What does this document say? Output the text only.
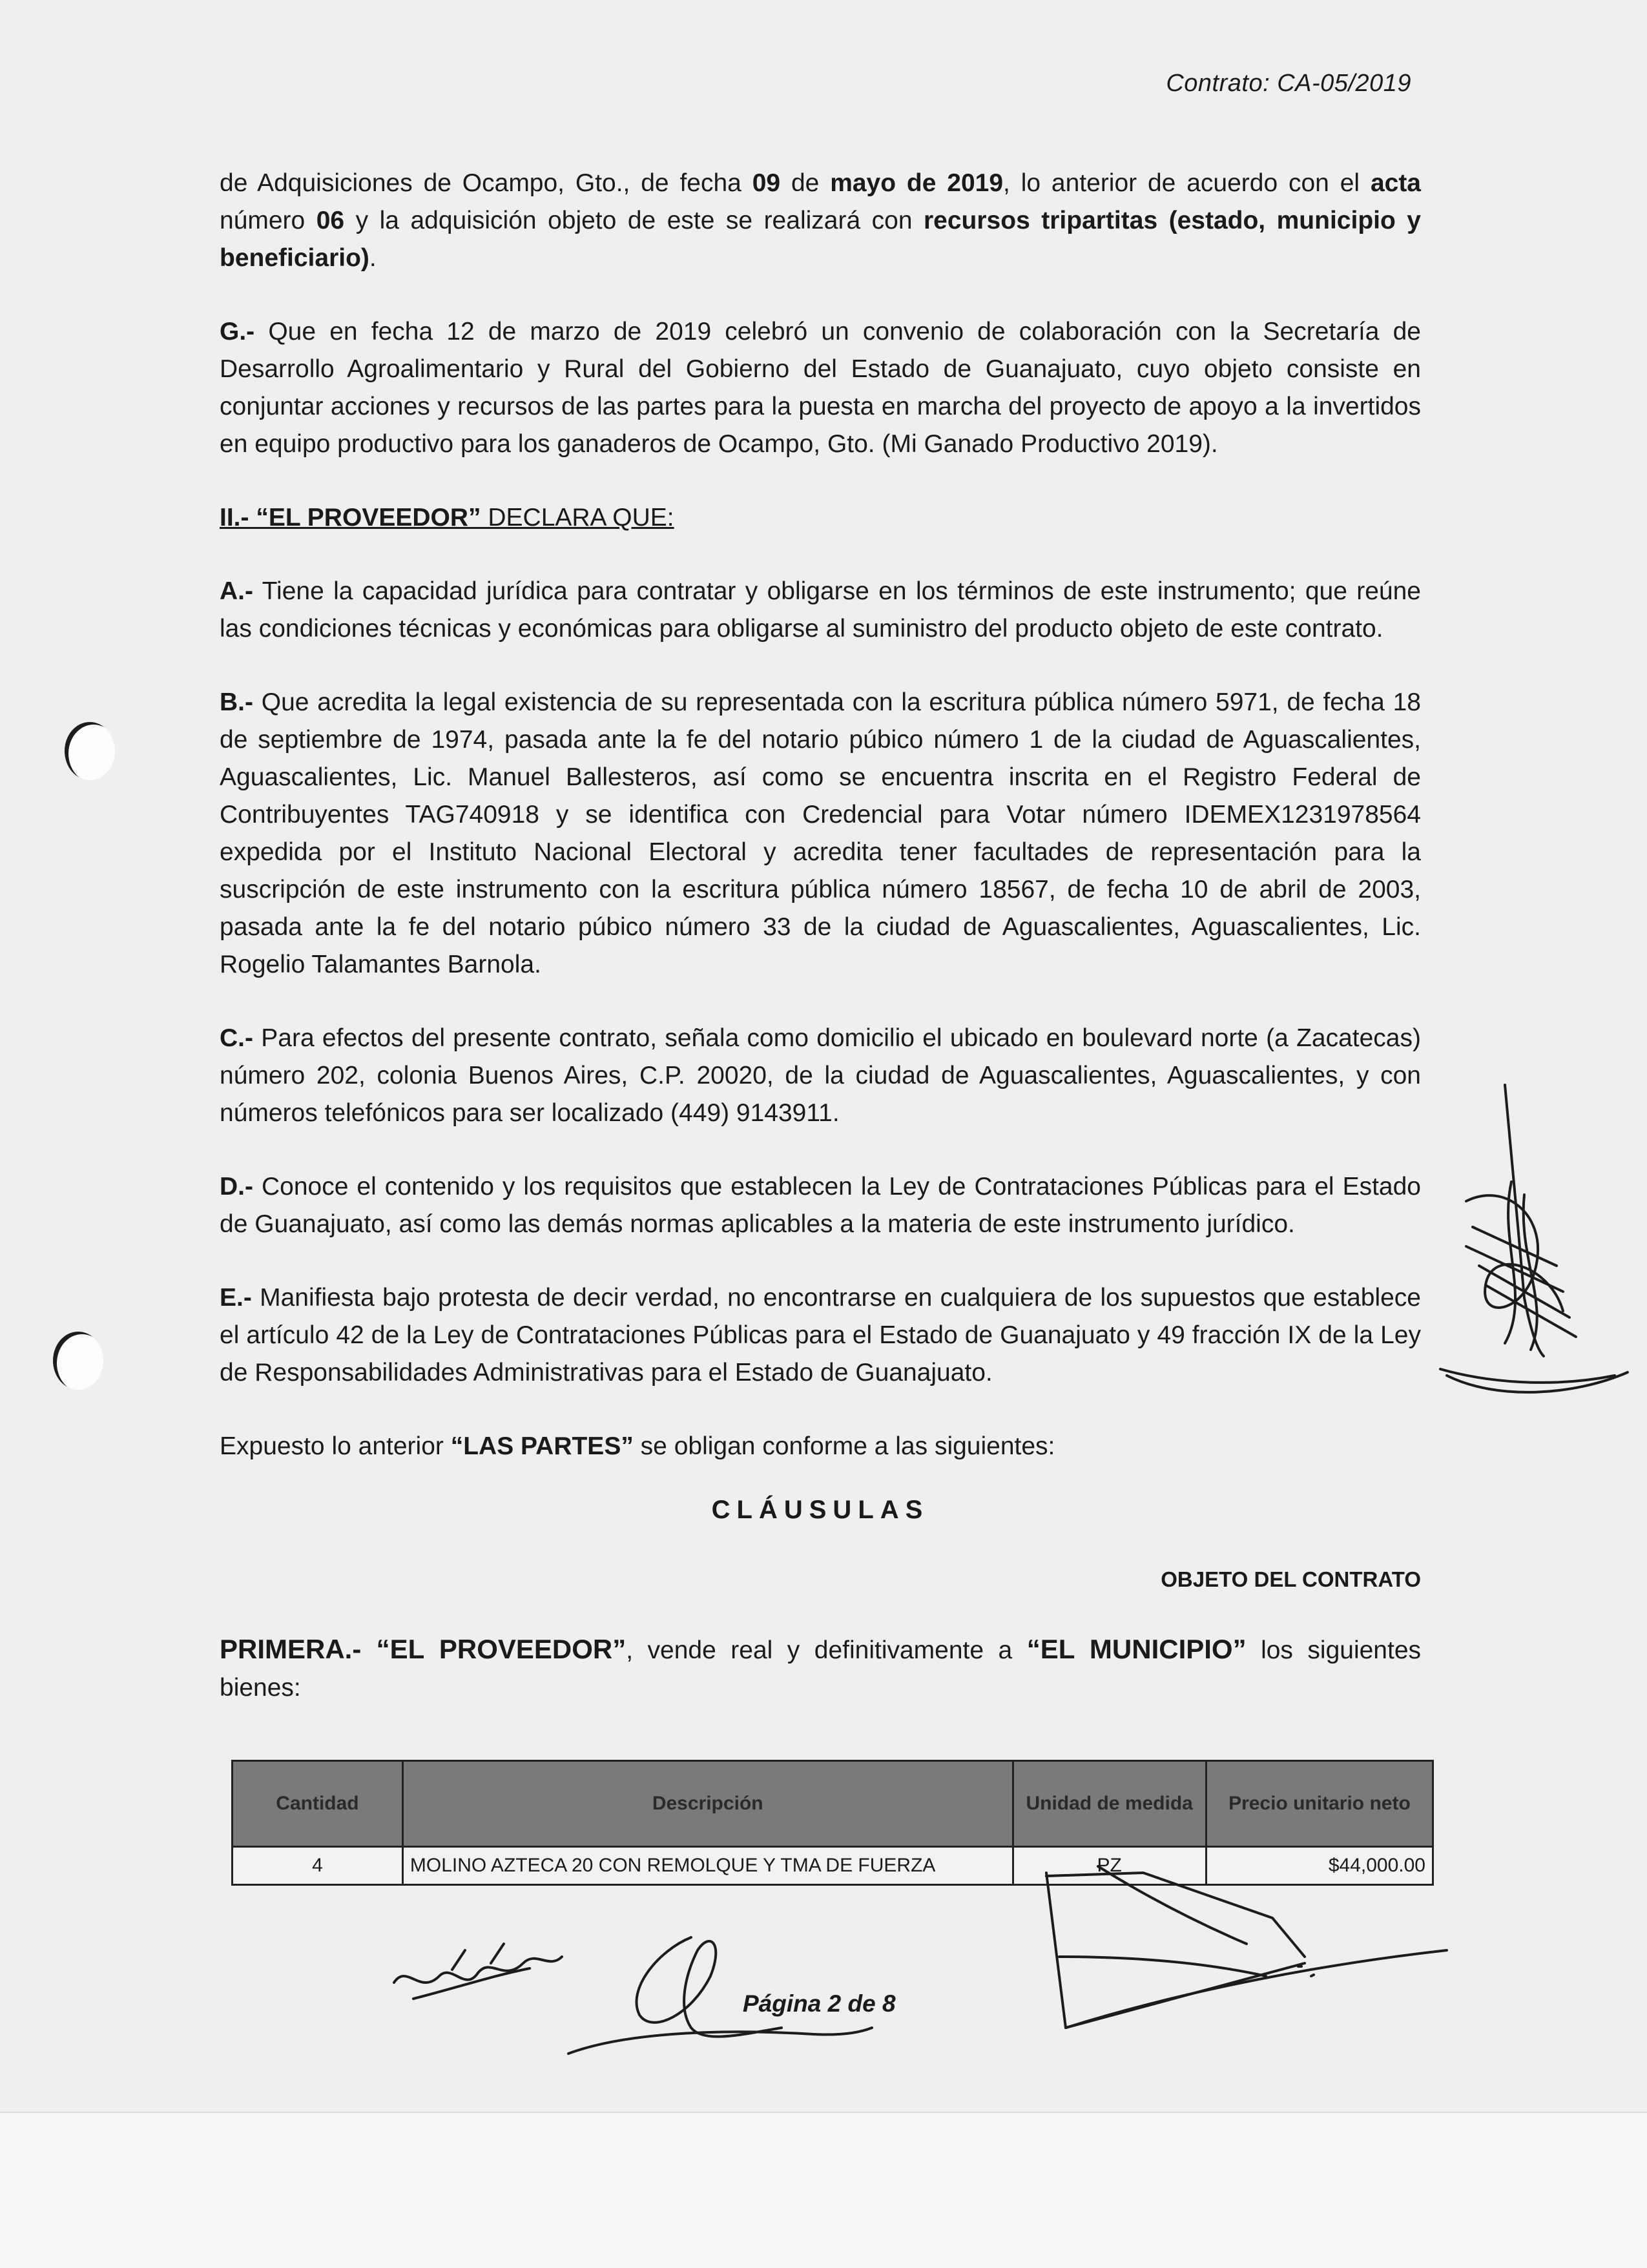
Contrato: CA-05/2019

de Adquisiciones de Ocampo, Gto., de fecha 09 de mayo de 2019, lo anterior de acuerdo con el acta número 06 y la adquisición objeto de este se realizará con recursos tripartitas (estado, municipio y beneficiario).

G.- Que en fecha 12 de marzo de 2019 celebró un convenio de colaboración con la Secretaría de Desarrollo Agroalimentario y Rural del Gobierno del Estado de Guanajuato, cuyo objeto consiste en conjuntar acciones y recursos de las partes para la puesta en marcha del proyecto de apoyo a la invertidos en equipo productivo para los ganaderos de Ocampo, Gto. (Mi Ganado Productivo 2019).

II.- “EL PROVEEDOR” DECLARA QUE:

A.- Tiene la capacidad jurídica para contratar y obligarse en los términos de este instrumento; que reúne las condiciones técnicas y económicas para obligarse al suministro del producto objeto de este contrato.

B.- Que acredita la legal existencia de su representada con la escritura pública número 5971, de fecha 18 de septiembre de 1974, pasada ante la fe del notario púbico número 1 de la ciudad de Aguascalientes, Aguascalientes, Lic. Manuel Ballesteros, así como se encuentra inscrita en el Registro Federal de Contribuyentes TAG740918 y se identifica con Credencial para Votar número IDEMEX1231978564 expedida por el Instituto Nacional Electoral y acredita tener facultades de representación para la suscripción de este instrumento con la escritura pública número 18567, de fecha 10 de abril de 2003, pasada ante la fe del notario púbico número 33 de la ciudad de Aguascalientes, Aguascalientes, Lic. Rogelio Talamantes Barnola.

C.- Para efectos del presente contrato, señala como domicilio el ubicado en boulevard norte (a Zacatecas) número 202, colonia Buenos Aires, C.P. 20020, de la ciudad de Aguascalientes, Aguascalientes, y con números telefónicos para ser localizado (449) 9143911.

D.- Conoce el contenido y los requisitos que establecen la Ley de Contrataciones Públicas para el Estado de Guanajuato, así como las demás normas aplicables a la materia de este instrumento jurídico.

E.- Manifiesta bajo protesta de decir verdad, no encontrarse en cualquiera de los supuestos que establece el artículo 42 de la Ley de Contrataciones Públicas para el Estado de Guanajuato y 49 fracción IX de la Ley de Responsabilidades Administrativas para el Estado de Guanajuato.

Expuesto lo anterior “LAS PARTES” se obligan conforme a las siguientes:

CLÁUSULAS

OBJETO DEL CONTRATO

PRIMERA.- “EL PROVEEDOR”, vende real y definitivamente a “EL MUNICIPIO” los siguientes bienes:

Cantidad	Descripción	Unidad de medida	Precio unitario neto
4	MOLINO AZTECA 20 CON REMOLQUE Y TMA DE FUERZA	PZ	$44,000.00
Página 2 de 8
